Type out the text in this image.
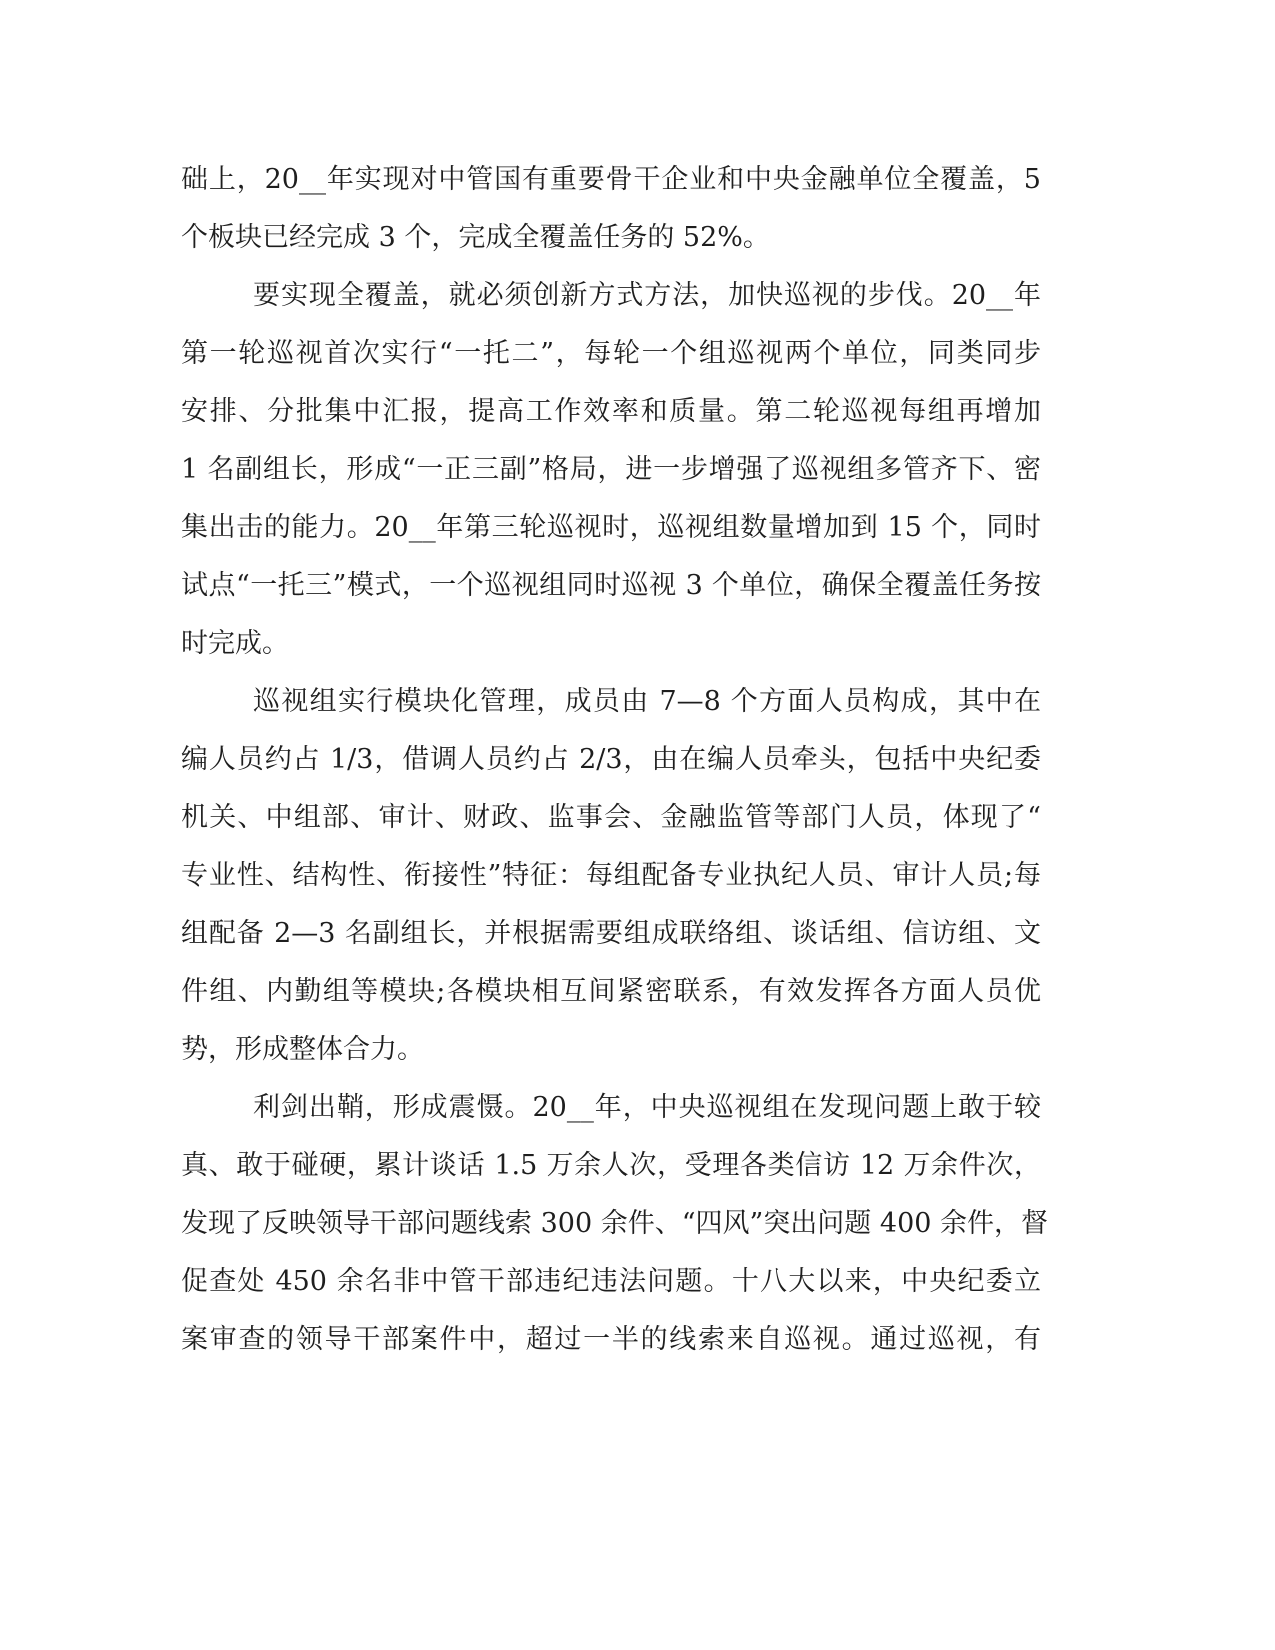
础上，20__年实现对中管国有重要骨干企业和中央金融单位全覆盖，5
个板块已经完成 3 个，完成全覆盖任务的 52%。
要实现全覆盖，就必须创新方式方法，加快巡视的步伐。20__年
第一轮巡视首次实行“一托二”，每轮一个组巡视两个单位，同类同步
安排、分批集中汇报，提高工作效率和质量。第二轮巡视每组再增加
1 名副组长，形成“一正三副”格局，进一步增强了巡视组多管齐下、密
集出击的能力。20__年第三轮巡视时，巡视组数量增加到 15 个，同时
试点“一托三”模式，一个巡视组同时巡视 3 个单位，确保全覆盖任务按
时完成。
巡视组实行模块化管理，成员由 7—8 个方面人员构成，其中在
编人员约占 1/3，借调人员约占 2/3，由在编人员牵头，包括中央纪委
机关、中组部、审计、财政、监事会、金融监管等部门人员，体现了“
专业性、结构性、衔接性”特征：每组配备专业执纪人员、审计人员;每
组配备 2—3 名副组长，并根据需要组成联络组、谈话组、信访组、文
件组、内勤组等模块;各模块相互间紧密联系，有效发挥各方面人员优
势，形成整体合力。
利剑出鞘，形成震慑。20__年，中央巡视组在发现问题上敢于较
真、敢于碰硬，累计谈话 1.5 万余人次，受理各类信访 12 万余件次，
发现了反映领导干部问题线索 300 余件、“四风”突出问题 400 余件，督
促查处 450 余名非中管干部违纪违法问题。十八大以来，中央纪委立
案审查的领导干部案件中，超过一半的线索来自巡视。通过巡视，有
